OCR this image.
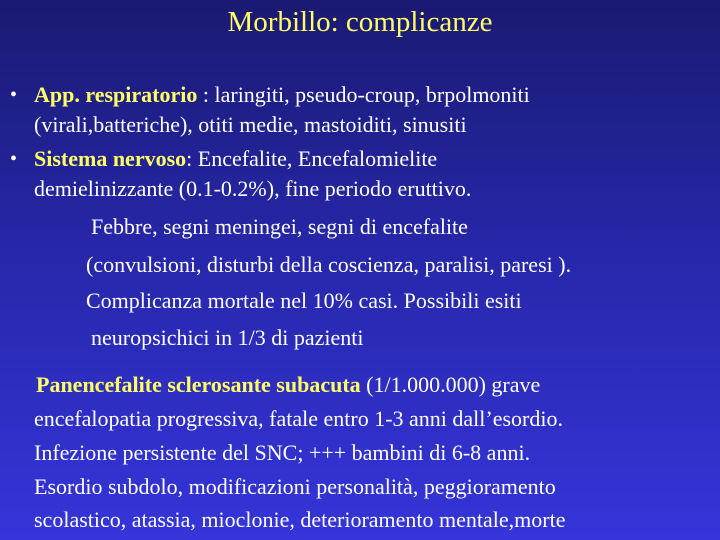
Morbillo: complicanze
• App. respiratorio : laringiti, pseudo-croup, brpolmoniti
(virali,batteriche), otiti medie, mastoiditi, sinusiti
• Sistema nervoso: Encefalite, Encefalomielite
demielinizzante (0.1-0.2%), fine periodo eruttivo.
Febbre, segni meningei, segni di encefalite
(convulsioni, disturbi della coscienza, paralisi, paresi ).
Complicanza mortale nel 10% casi. Possibili esiti
neuropsichici in 1/3 di pazienti
Panencefalite sclerosante subacuta (1/1.000.000) grave
encefalopatia progressiva, fatale entro 1-3 anni dall’esordio.
Infezione persistente del SNC; +++ bambini di 6-8 anni.
Esordio subdolo, modificazioni personalità, peggioramento
scolastico, atassia, mioclonie, deterioramento mentale,morte
